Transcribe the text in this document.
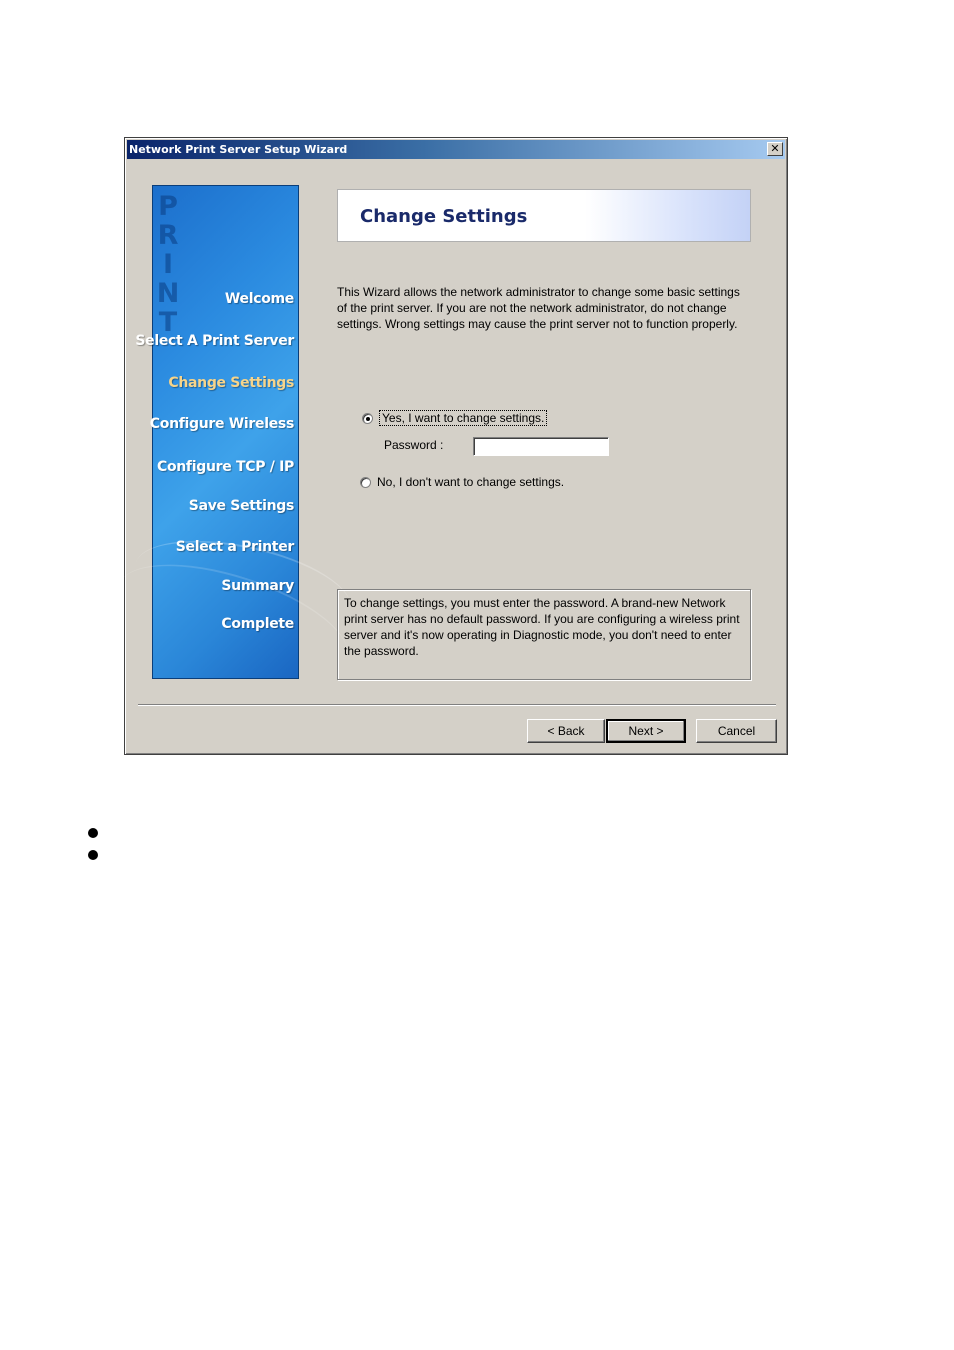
Network Print Server Setup Wizard	✕
P
R
I
N
T
Welcome
Select A Print Server
Change Settings
Configure Wireless
Configure TCP / IP
Save Settings
Select a Printer
Summary
Complete
Change Settings
This Wizard allows the network administrator to change some basic settings of the print server. If you are not the network administrator, do not change settings. Wrong settings may cause the print server not to function properly.
Yes, I want to change settings.
Password :
No, I don't want to change settings.
To change settings, you must enter the password. A brand-new Network print server has no default password. If you are configuring a wireless print server and it's now operating in Diagnostic mode, you don't need to enter the password.
< Back	Next >	Cancel
